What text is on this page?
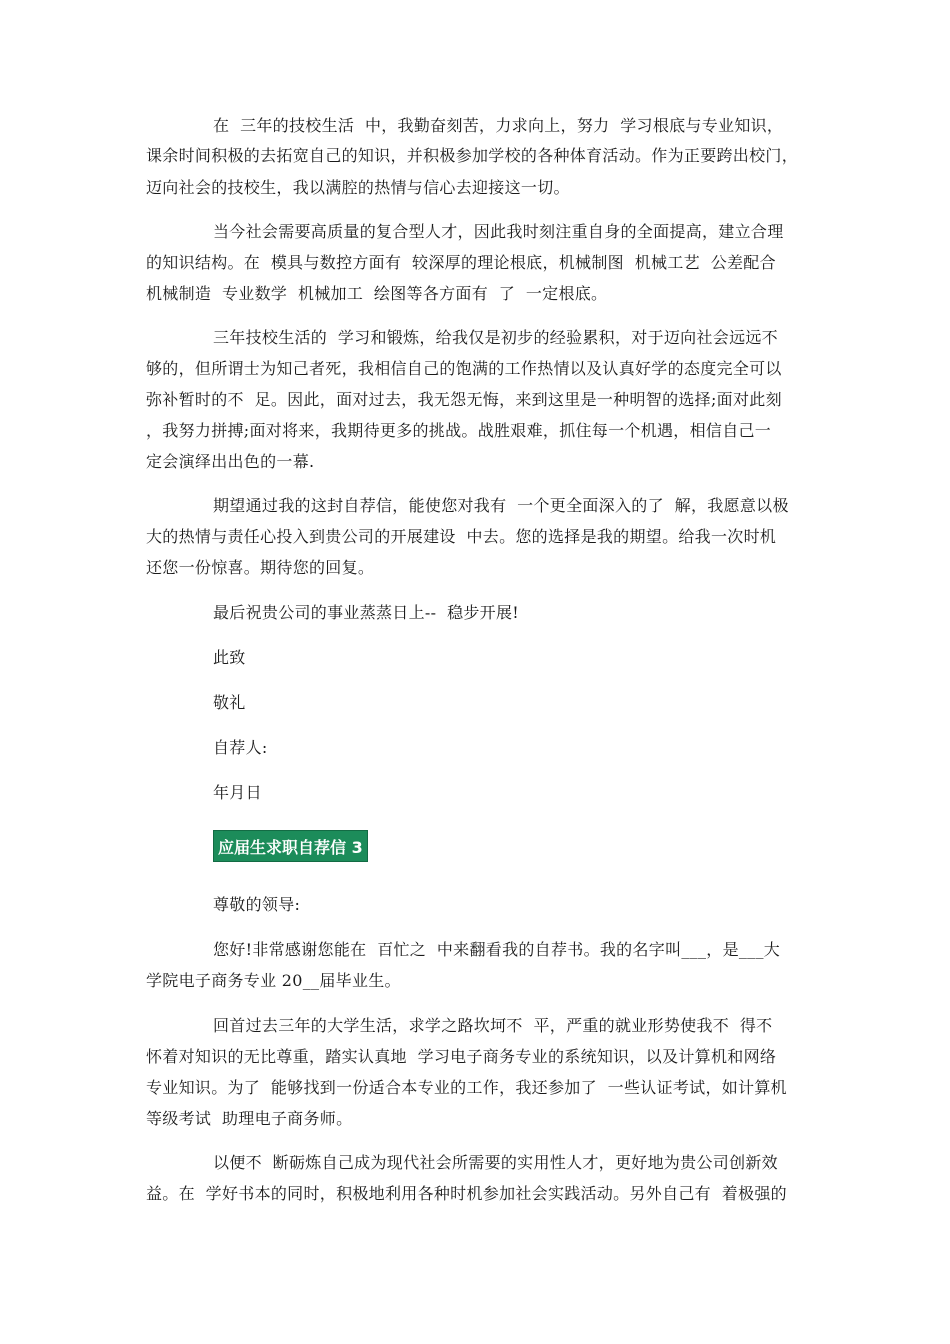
在  三年的技校生活  中，我勤奋刻苦，力求向上，努力  学习根底与专业知识，
课余时间积极的去拓宽自己的知识，并积极参加学校的各种体育活动。作为正要跨出校门，
迈向社会的技校生，我以满腔的热情与信心去迎接这一切。
当今社会需要高质量的复合型人才，因此我时刻注重自身的全面提高，建立合理
的知识结构。在  模具与数控方面有  较深厚的理论根底，机械制图  机械工艺  公差配合
机械制造  专业数学  机械加工  绘图等各方面有  了  一定根底。
三年技校生活的  学习和锻炼，给我仅是初步的经验累积，对于迈向社会远远不
够的，但所谓士为知己者死，我相信自己的饱满的工作热情以及认真好学的态度完全可以
弥补暂时的不  足。因此，面对过去，我无怨无悔，来到这里是一种明智的选择;面对此刻
，我努力拼搏;面对将来，我期待更多的挑战。战胜艰难，抓住每一个机遇，相信自己一
定会演绎出出色的一幕.
期望通过我的这封自荐信，能使您对我有  一个更全面深入的了  解，我愿意以极
大的热情与责任心投入到贵公司的开展建设  中去。您的选择是我的期望。给我一次时机
还您一份惊喜。期待您的回复。
最后祝贵公司的事业蒸蒸日上--  稳步开展!
此致
敬礼
自荐人:
年月日
应届生求职自荐信 3
尊敬的领导:
您好!非常感谢您能在  百忙之  中来翻看我的自荐书。我的名字叫___，是___大
学院电子商务专业 20__届毕业生。
回首过去三年的大学生活，求学之路坎坷不  平，严重的就业形势使我不  得不
怀着对知识的无比尊重，踏实认真地  学习电子商务专业的系统知识，以及计算机和网络
专业知识。为了  能够找到一份适合本专业的工作，我还参加了  一些认证考试，如计算机
等级考试  助理电子商务师。
以便不  断砺炼自己成为现代社会所需要的实用性人才，更好地为贵公司创新效
益。在  学好书本的同时，积极地利用各种时机参加社会实践活动。另外自己有  着极强的
